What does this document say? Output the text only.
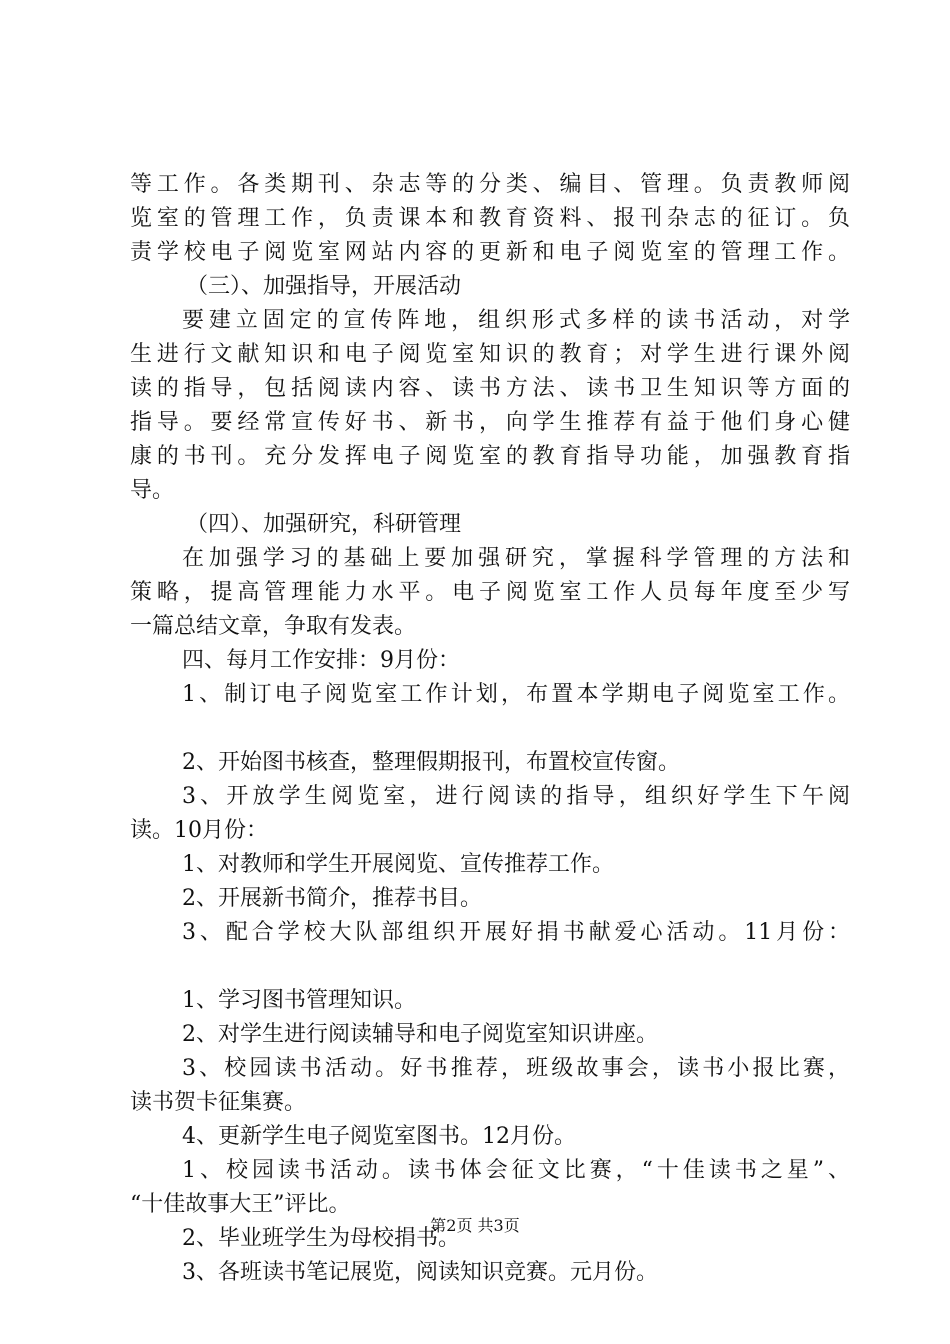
等工作。各类期刊、杂志等的分类、编目、管理。负责教师阅
览室的管理工作，负责课本和教育资料、报刊杂志的征订。负
责学校电子阅览室网站内容的更新和电子阅览室的管理工作。
（三）、加强指导，开展活动
要建立固定的宣传阵地，组织形式多样的读书活动，对学
生进行文献知识和电子阅览室知识的教育；对学生进行课外阅
读的指导，包括阅读内容、读书方法、读书卫生知识等方面的
指导。要经常宣传好书、新书，向学生推荐有益于他们身心健
康的书刊。充分发挥电子阅览室的教育指导功能，加强教育指
导。
（四）、加强研究，科研管理
在加强学习的基础上要加强研究，掌握科学管理的方法和
策略，提高管理能力水平。电子阅览室工作人员每年度至少写
一篇总结文章，争取有发表。
四、每月工作安排：9月份：
1、制订电子阅览室工作计划，布置本学期电子阅览室工作。
2、开始图书核查，整理假期报刊，布置校宣传窗。
3、开放学生阅览室，进行阅读的指导，组织好学生下午阅
读。10月份：
1、对教师和学生开展阅览、宣传推荐工作。
2、开展新书简介，推荐书目。
3、配合学校大队部组织开展好捐书献爱心活动。11月份：
1、学习图书管理知识。
2、对学生进行阅读辅导和电子阅览室知识讲座。
3、校园读书活动。好书推荐，班级故事会，读书小报比赛，
读书贺卡征集赛。
4、更新学生电子阅览室图书。12月份。
1、校园读书活动。读书体会征文比赛，“十佳读书之星”、
“十佳故事大王”评比。
2、毕业班学生为母校捐书。
3、各班读书笔记展览，阅读知识竞赛。元月份。
第2页 共3页
